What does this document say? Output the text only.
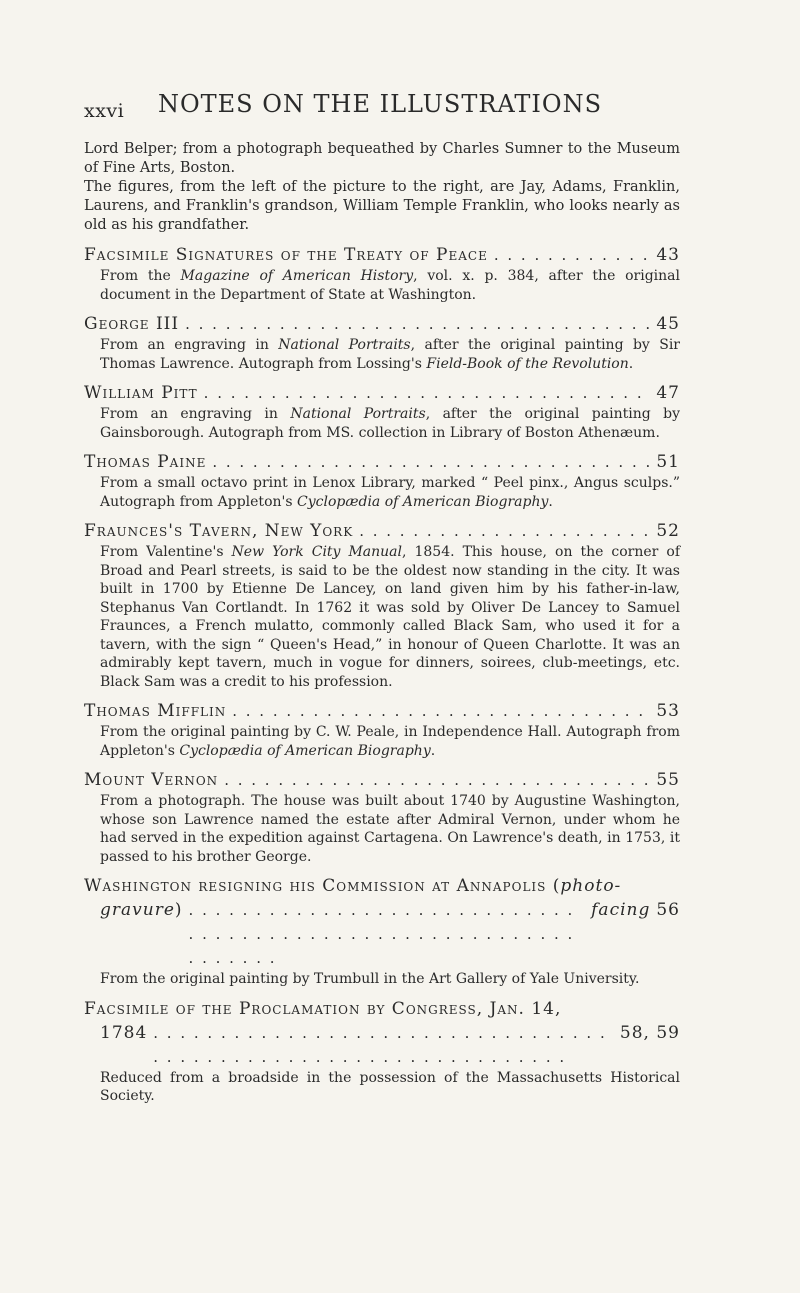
xxvi	NOTES ON THE ILLUSTRATIONS

Lord Belper; from a photograph bequeathed by Charles Sumner to the Museum of Fine Arts, Boston.

The figures, from the left of the picture to the right, are Jay, Adams, Franklin, Laurens, and Franklin's grandson, William Temple Franklin, who looks nearly as old as his grandfather.

Facsimile Signatures of the Treaty of Peace . . .	43

From the Magazine of American History, vol. x. p. 384, after the original document in the Department of State at Washington.

George III . . .	45

From an engraving in National Portraits, after the original painting by Sir Thomas Lawrence. Autograph from Lossing's Field-Book of the Revolution.

William Pitt . . .	47

From an engraving in National Portraits, after the original painting by Gainsborough. Autograph from MS. collection in Library of Boston Athenæum.

Thomas Paine . . .	51

From a small octavo print in Lenox Library, marked “ Peel pinx., Angus sculps.” Autograph from Appleton's Cyclopædia of American Biography.

Fraunces's Tavern, New York . . .	52

From Valentine's New York City Manual, 1854. This house, on the corner of Broad and Pearl streets, is said to be the oldest now standing in the city. It was built in 1700 by Etienne De Lancey, on land given him by his father-in-law, Stephanus Van Cortlandt. In 1762 it was sold by Oliver De Lancey to Samuel Fraunces, a French mulatto, commonly called Black Sam, who used it for a tavern, with the sign “ Queen's Head,” in honour of Queen Charlotte. It was an admirably kept tavern, much in vogue for dinners, soirees, club-meetings, etc. Black Sam was a credit to his profession.

Thomas Mifflin . . .	53

From the original painting by C. W. Peale, in Independence Hall. Autograph from Appleton's Cyclopædia of American Biography.

Mount Vernon . . .	55

From a photograph. The house was built about 1740 by Augustine Washington, whose son Lawrence named the estate after Admiral Vernon, under whom he had served in the expedition against Cartagena. On Lawrence's death, in 1753, it passed to his brother George.

Washington resigning his Commission at Annapolis (photo-
gravure) . . .	facing 56

From the original painting by Trumbull in the Art Gallery of Yale University.

Facsimile of the Proclamation by Congress, Jan. 14,
1784 . . .	58, 59

Reduced from a broadside in the possession of the Massachusetts Historical Society.
